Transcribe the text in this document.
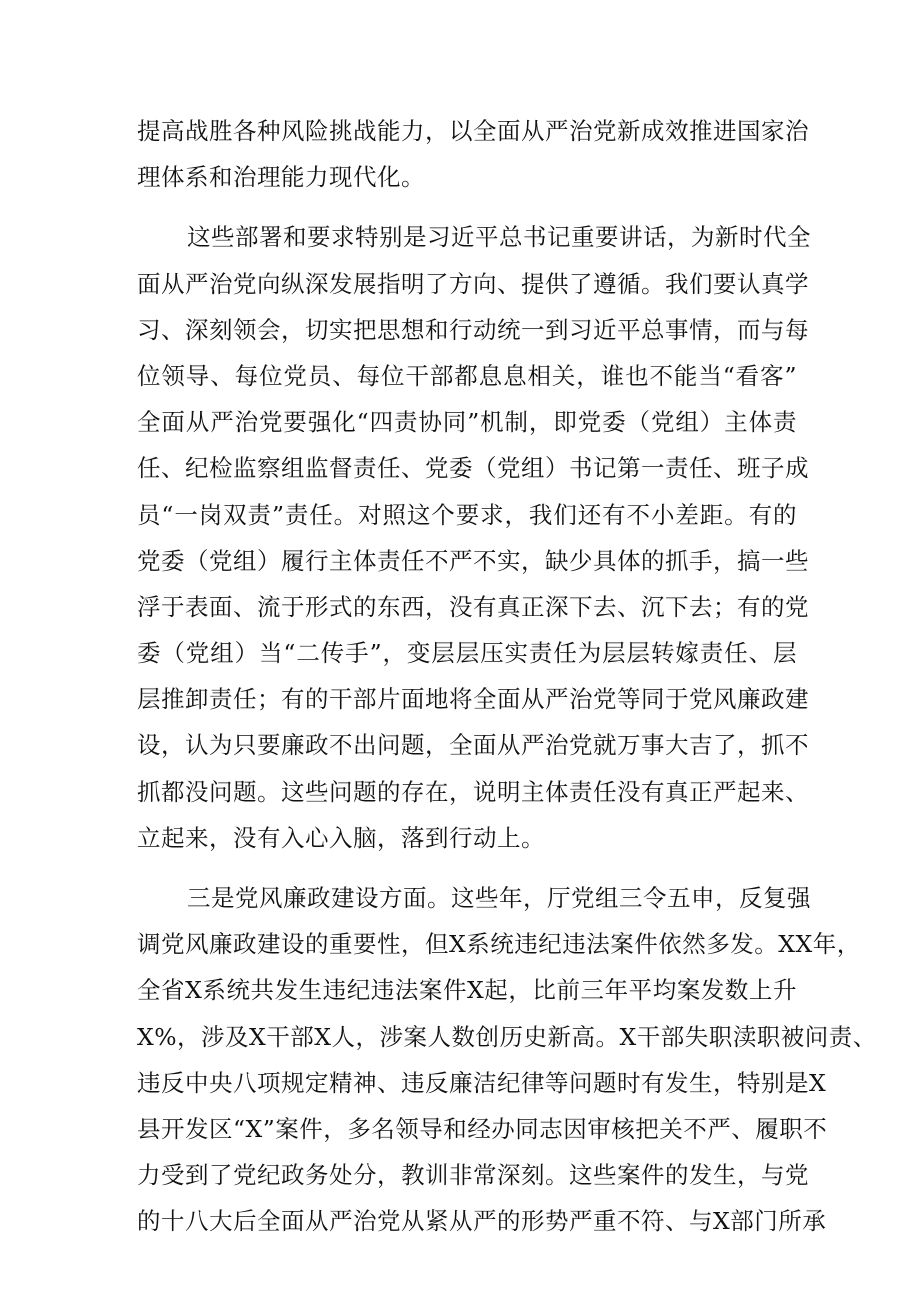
提高战胜各种风险挑战能力，以全面从严治党新成效推进国家治
理体系和治理能力现代化。
这些部署和要求特别是习近平总书记重要讲话，为新时代全
面从严治党向纵深发展指明了方向、提供了遵循。我们要认真学
习、深刻领会，切实把思想和行动统一到习近平总事情，而与每
位领导、每位党员、每位干部都息息相关，谁也不能当“看客”
全面从严治党要强化“四责协同”机制，即党委（党组）主体责
任、纪检监察组监督责任、党委（党组）书记第一责任、班子成
员“一岗双责”责任。对照这个要求，我们还有不小差距。有的
党委（党组）履行主体责任不严不实，缺少具体的抓手，搞一些
浮于表面、流于形式的东西，没有真正深下去、沉下去；有的党
委（党组）当“二传手”，变层层压实责任为层层转嫁责任、层
层推卸责任；有的干部片面地将全面从严治党等同于党风廉政建
设，认为只要廉政不出问题，全面从严治党就万事大吉了，抓不
抓都没问题。这些问题的存在，说明主体责任没有真正严起来、
立起来，没有入心入脑，落到行动上。
三是党风廉政建设方面。这些年，厅党组三令五申，反复强
调党风廉政建设的重要性，但X系统违纪违法案件依然多发。XX年，
全省X系统共发生违纪违法案件X起，比前三年平均案发数上升
X%，涉及X干部X人，涉案人数创历史新高。X干部失职渎职被问责、
违反中央八项规定精神、违反廉洁纪律等问题时有发生，特别是X
县开发区“X”案件，多名领导和经办同志因审核把关不严、履职不
力受到了党纪政务处分，教训非常深刻。这些案件的发生，与党
的十八大后全面从严治党从紧从严的形势严重不符、与X部门所承
